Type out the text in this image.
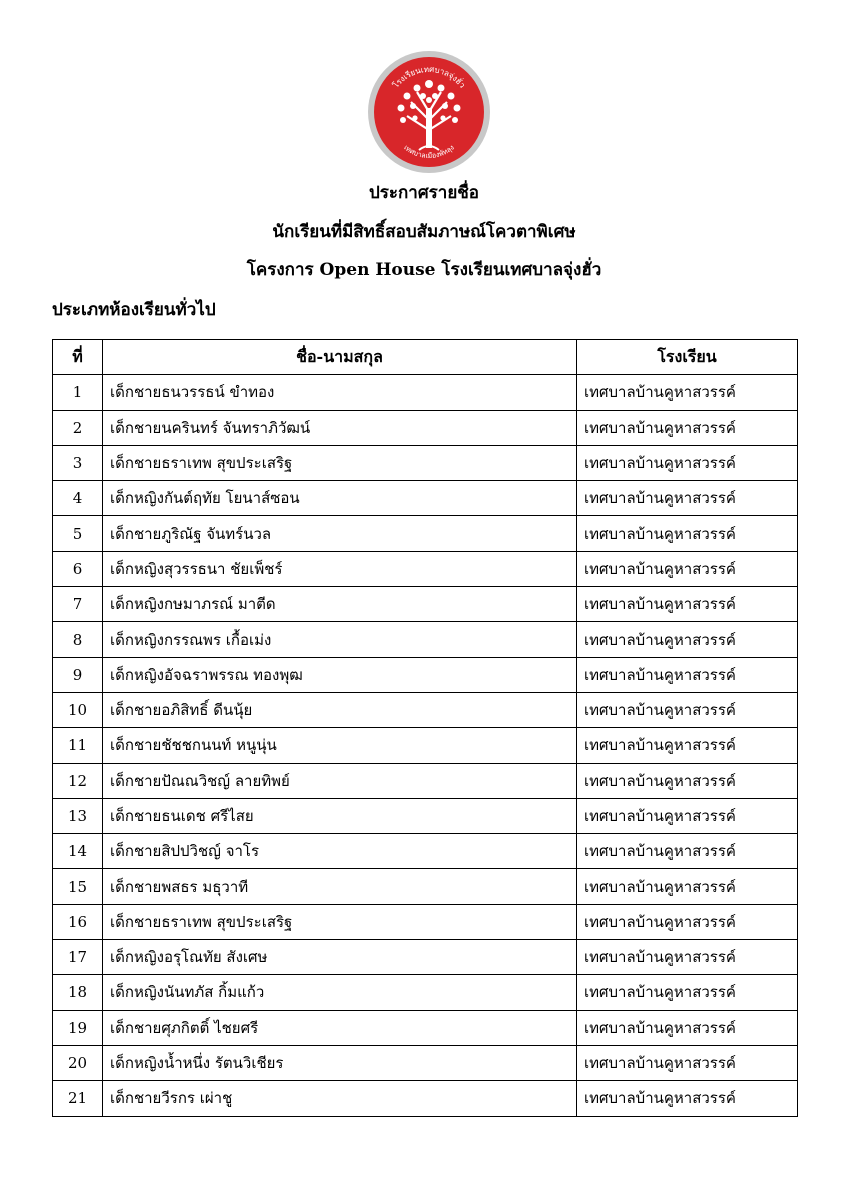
โรงเรียนเทศบาลจุ่งฮั่ว
เทศบาลเมืองพัทลุง
ประกาศรายชื่อ
นักเรียนที่มีสิทธิ์สอบสัมภาษณ์โควตาพิเศษ
โครงการ Open House โรงเรียนเทศบาลจุ่งฮั่ว
ประเภทห้องเรียนทั่วไป
ที่	ชื่อ-นามสกุล	โรงเรียน
1	เด็กชายธนวรรธน์ ขำทอง	เทศบาลบ้านคูหาสวรรค์
2	เด็กชายนครินทร์ จันทราภิวัฒน์	เทศบาลบ้านคูหาสวรรค์
3	เด็กชายธราเทพ สุขประเสริฐ	เทศบาลบ้านคูหาสวรรค์
4	เด็กหญิงกันต์ฤทัย โยนาส์ซอน	เทศบาลบ้านคูหาสวรรค์
5	เด็กชายภูริณัฐ จันทร์นวล	เทศบาลบ้านคูหาสวรรค์
6	เด็กหญิงสุวรรธนา ชัยเพ็ชร์	เทศบาลบ้านคูหาสวรรค์
7	เด็กหญิงกษมาภรณ์ มาตีด	เทศบาลบ้านคูหาสวรรค์
8	เด็กหญิงกรรณพร เกื้อเม่ง	เทศบาลบ้านคูหาสวรรค์
9	เด็กหญิงอัจฉราพรรณ ทองพุฒ	เทศบาลบ้านคูหาสวรรค์
10	เด็กชายอภิสิทธิ์ ดีนนุ้ย	เทศบาลบ้านคูหาสวรรค์
11	เด็กชายชัชชกนนท์ หนูนุ่น	เทศบาลบ้านคูหาสวรรค์
12	เด็กชายปัณณวิชญ์ ลายทิพย์	เทศบาลบ้านคูหาสวรรค์
13	เด็กชายธนเดช ศรีไสย	เทศบาลบ้านคูหาสวรรค์
14	เด็กชายสิปปวิชญ์ จาโร	เทศบาลบ้านคูหาสวรรค์
15	เด็กชายพสธร มธุวาที	เทศบาลบ้านคูหาสวรรค์
16	เด็กชายธราเทพ สุขประเสริฐ	เทศบาลบ้านคูหาสวรรค์
17	เด็กหญิงอรุโณทัย สังเศษ	เทศบาลบ้านคูหาสวรรค์
18	เด็กหญิงนันทภัส กิ้มแก้ว	เทศบาลบ้านคูหาสวรรค์
19	เด็กชายศุภกิตติ์ ไชยศรี	เทศบาลบ้านคูหาสวรรค์
20	เด็กหญิงน้ำหนึ่ง รัตนวิเชียร	เทศบาลบ้านคูหาสวรรค์
21	เด็กชายวีรกร เผ่าชู	เทศบาลบ้านคูหาสวรรค์
